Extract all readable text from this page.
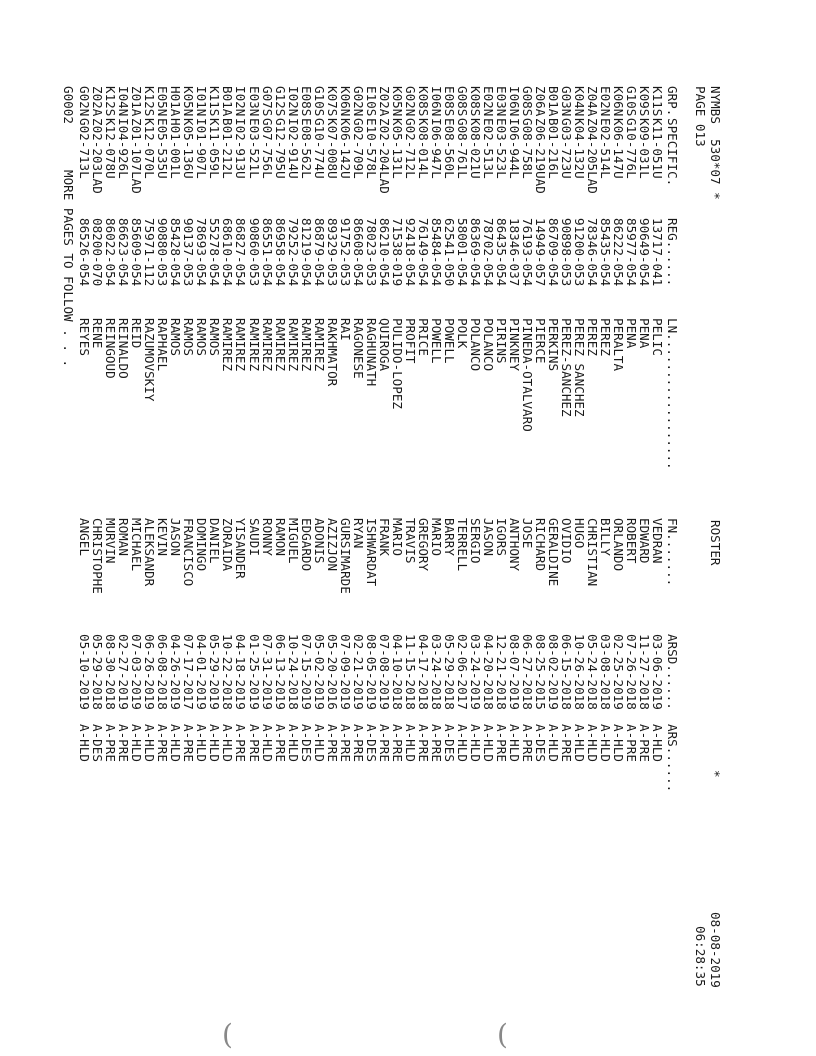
NYMBS  530*07 *
PAGE 013
ROSTER
*
08-08-2019
06:28:35
GRP.
SPECIFIC.
REG......
LN..................
FN.......
ARSD......
ARS......
K11S
K11-051U
13717-041
PELIC
VEDRAN
03-06-2019
A-HLD
K09S
K09-031L
90649-054
PENA
EDWARD
11-27-2018
A-PRE
G10S
G10-776L
85977-054
PENA
ROBERT
07-26-2018
A-PRE
K06N
K06-147U
86222-054
PERALTA
ORLANDO
02-25-2019
A-HLD
E02N
E02-514L
85435-054
PEREZ
BILLY
03-08-2018
A-HLD
Z04A
Z04-205LAD
78346-054
PEREZ
CHRISTIAN
05-24-2018
A-HLD
K04N
K04-132U
91200-053
PEREZ SANCHEZ
HUGO
10-26-2018
A-HLD
G03N
G03-723U
90898-053
PEREZ-SANCHEZ
OVIDIO
06-15-2018
A-PRE
B01A
B01-216L
86709-054
PERKINS
GERALDINE
08-02-2019
A-HLD
Z06A
Z06-219UAD
14949-057
PIERCE
RICHARD
08-25-2015
A-DES
G08S
G08-758L
76193-054
PINEDA-OTALVARO
JOSE
06-27-2018
A-PRE
I06N
I06-944L
18346-037
PINKNEY
ANTHONY
08-07-2019
A-HLD
E03N
E03-523L
86435-054
PIRINS
IGORS
12-21-2018
A-PRE
E02N
E02-513L
78702-054
POLANCO
JASON
04-20-2018
A-HLD
K08S
K08-021U
86369-054
POLANCO
SERGIO
03-24-2019
A-HLD
G08S
G08-761L
58001-054
POLK
TERRELL
02-06-2017
A-HLD
E08S
E08-560L
62541-050
POWELL
BARRY
05-29-2018
A-DES
I06N
I06-947L
85484-054
POWELL
MARIO
03-24-2018
A-PRE
K08S
K08-014L
76149-054
PRICE
GREGORY
04-17-2018
A-PRE
G02N
G02-712L
92418-054
PROFIT
TRAVIS
11-15-2018
A-HLD
K05N
K05-131L
71538-019
PULIDO-LOPEZ
MARIO
04-10-2018
A-PRE
Z02A
Z02-204LAD
86210-054
QUIROGA
FRANK
07-08-2019
A-PRE
E10S
E10-578L
78023-053
RAGHUNATH
ISHWARDAT
08-05-2019
A-DES
G02N
G02-709L
86608-054
RAGONESE
RYAN
02-21-2019
A-PRE
K06N
K06-142U
91752-053
RAI
GURSIMARDE
07-09-2019
A-PRE
K07S
K07-008U
89329-053
RAKHMATOR
AZIZJON
05-20-2016
A-PRE
G10S
G10-774U
86879-054
RAMIREZ
ADONIS
05-02-2019
A-HLD
E08S
E08-562L
81219-054
RAMIREZ
EDGARDO
07-15-2019
A-DES
I02N
I02-914U
79252-054
RAMIREZ
MIGUEL
10-24-2018
A-HLD
G12S
G12-795U
86958-054
RAMIREZ
RAMON
06-13-2019
A-PRE
G07S
G07-756L
86551-054
RAMIREZ
RONNY
07-31-2019
A-HLD
E03N
E03-521L
90860-053
RAMIREZ
SAUDI
01-25-2019
A-PRE
I02N
I02-913U
86827-054
RAMIREZ
YISANDER
04-18-2019
A-PRE
B01A
B01-212L
68610-054
RAMIREZ
ZORAIDA
10-22-2018
A-HLD
K11S
K11-059L
55278-054
RAMOS
DANIEL
05-29-2019
A-HLD
I01N
I01-907L
78693-054
RAMOS
DOMINGO
04-01-2019
A-HLD
K05N
K05-136U
90137-053
RAMOS
FRANCISCO
07-17-2017
A-PRE
H01A
H01-001L
85428-054
RAMOS
JASON
04-26-2019
A-HLD
E05N
E05-535U
90880-053
RAPHAEL
KEVIN
06-08-2018
A-PRE
K12S
K12-070L
75971-112
RAZUMOVSKIY
ALEKSANDR
06-26-2019
A-HLD
Z01A
Z01-107LAD
85609-054
REID
MICHAEL
07-03-2019
A-HLD
I04N
I04-926L
86623-054
REINALDO
ROMAN
02-27-2019
A-PRE
K12S
K12-078U
86022-054
REINGOUD
MURVIN
08-30-2018
A-PRE
Z02A
Z02-203LAD
08200-070
RENE
CHRISTOPHE
05-29-2018
A-DES
G02N
G02-713L
86526-054
REYES
ANGEL
05-10-2019
A-HLD
G0002
MORE PAGES TO FOLLOW . . .
(	(
